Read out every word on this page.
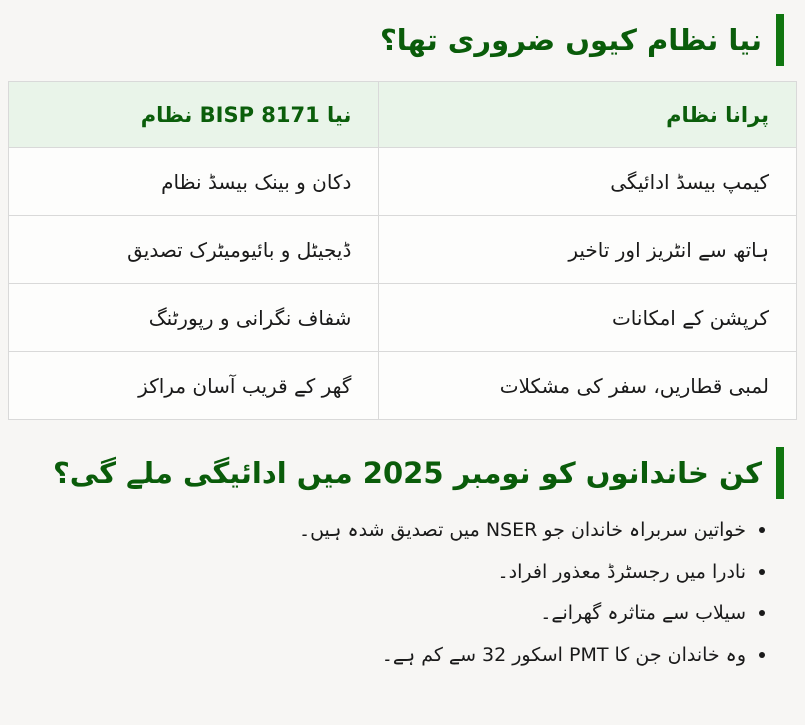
نیا نظام کیوں ضروری تھا؟
پرانا نظام	نیا BISP 8171 نظام
کیمپ بیسڈ ادائیگی	دکان و بینک بیسڈ نظام
ہاتھ سے انٹریز اور تاخیر	ڈیجیٹل و بائیومیٹرک تصدیق
کرپشن کے امکانات	شفاف نگرانی و رپورٹنگ
لمبی قطاریں، سفر کی مشکلات	گھر کے قریب آسان مراکز
کن خاندانوں کو نومبر 2025 میں ادائیگی ملے گی؟
• خواتین سربراہ خاندان جو NSER میں تصدیق شدہ ہیں۔
• نادرا میں رجسٹرڈ معذور افراد۔
• سیلاب سے متاثرہ گھرانے۔
• وہ خاندان جن کا PMT اسکور 32 سے کم ہے۔
